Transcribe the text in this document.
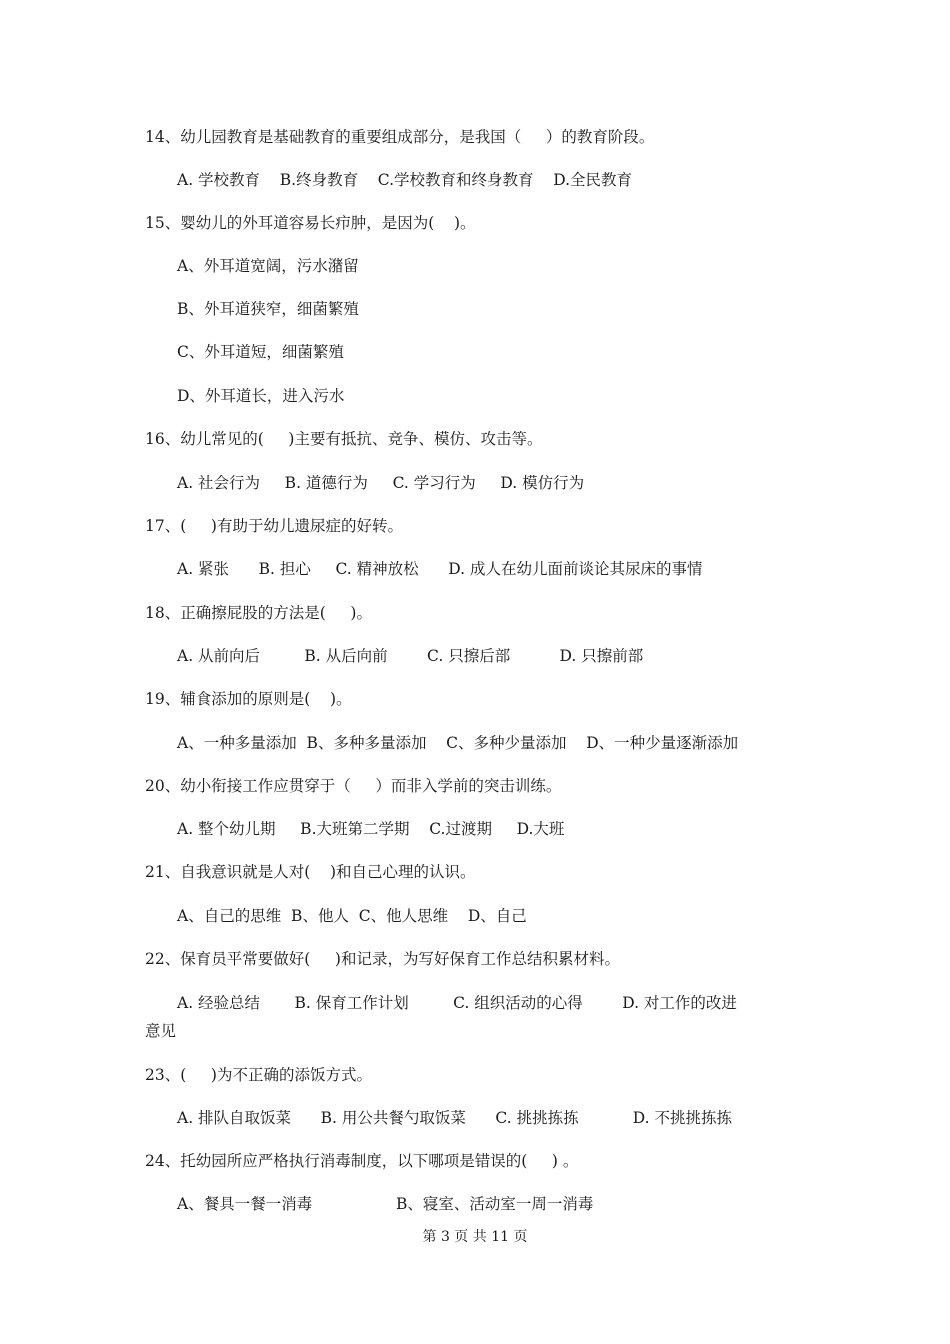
14、幼儿园教育是基础教育的重要组成部分，是我国（     ）的教育阶段。
A. 学校教育    B.终身教育    C.学校教育和终身教育    D.全民教育
15、婴幼儿的外耳道容易长疖肿，是因为(    )。
A、外耳道宽阔，污水潴留
B、外耳道狭窄，细菌繁殖
C、外耳道短，细菌繁殖
D、外耳道长，进入污水
16、幼儿常见的(     )主要有抵抗、竞争、模仿、攻击等。
A. 社会行为     B. 道德行为     C. 学习行为     D. 模仿行为
17、(     )有助于幼儿遗尿症的好转。
A. 紧张      B. 担心     C. 精神放松      D. 成人在幼儿面前谈论其尿床的事情
18、正确擦屁股的方法是(     )。
A. 从前向后         B. 从后向前        C. 只擦后部          D. 只擦前部
19、辅食添加的原则是(    )。
A、一种多量添加  B、多种多量添加    C、多种少量添加    D、一种少量逐渐添加
20、幼小衔接工作应贯穿于（     ）而非入学前的突击训练。
A. 整个幼儿期     B.大班第二学期    C.过渡期     D.大班
21、自我意识就是人对(    )和自己心理的认识。
A、自己的思维  B、他人  C、他人思维    D、自己
22、保育员平常要做好(     )和记录，为写好保育工作总结积累材料。
A. 经验总结       B. 保育工作计划         C. 组织活动的心得        D. 对工作的改进
意见
23、(     )为不正确的添饭方式。
A. 排队自取饭菜      B. 用公共餐勺取饭菜      C. 挑挑拣拣           D. 不挑挑拣拣
24、托幼园所应严格执行消毒制度，以下哪项是错误的(     ) 。
A、餐具一餐一消毒                 B、寝室、活动室一周一消毒
第 3 页 共 11 页
